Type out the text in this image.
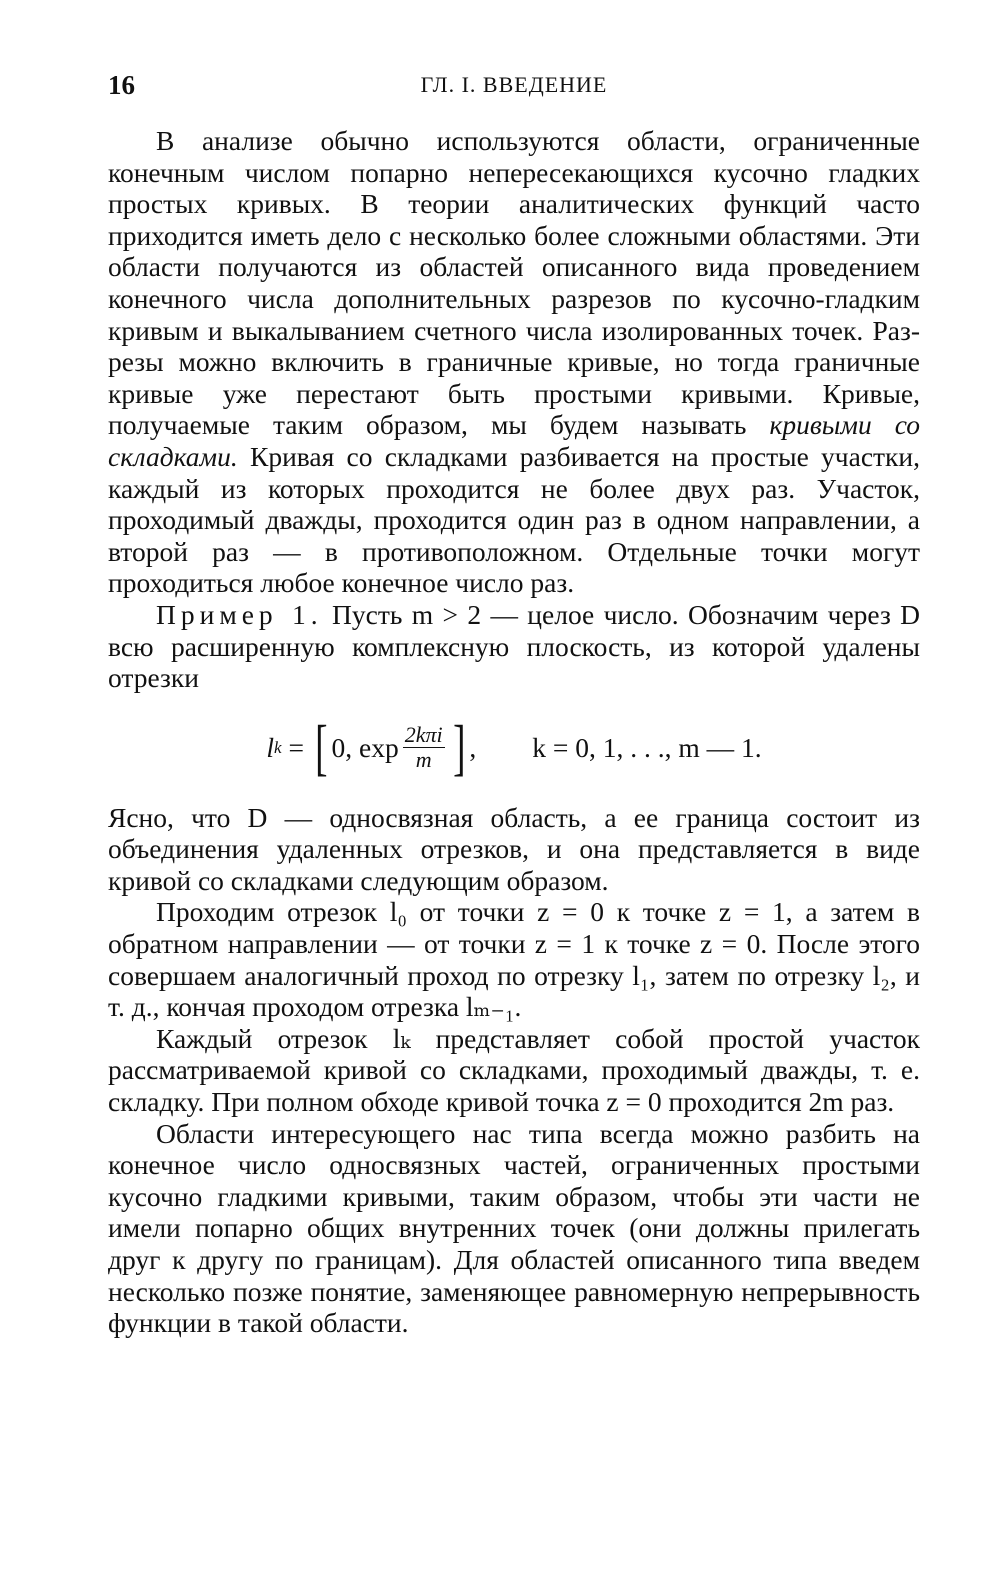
16	ГЛ. I. ВВЕДЕНИЕ

В анализе обычно используются области, ограниченные конечным числом попарно непересекающихся кусочно гладких простых кривых. В теории аналитических функций часто приходится иметь дело с несколько более сложными областями. Эти области получаются из областей описанного вида проведением конечного числа дополнительных разрезов по кусочно-гладким кривым и выкалыванием счетного числа изолированных точек. Разрезы можно включить в граничные кривые, но тогда граничные кривые уже перестают быть простыми кривыми. Кривые, получаемые таким образом, мы будем называть кривыми со складками. Кривая со складками разбивается на простые участки, каждый из которых проходится не более двух раз. Участок, проходимый дважды, проходится один раз в одном направлении, а второй раз — в противоположном. Отдельные точки могут проходиться любое конечное число раз.

Пример 1. Пусть m > 2 — целое число. Обозначим через D всю расширенную комплексную плоскость, из которой удалены отрезки

l k
=
[ 0, $\exp \frac{\text{2kπi}}{m}$ ] , k = 0, 1, . . ., m — 1.

Ясно, что D — односвязная область, а ее граница состоит из объединения удаленных отрезков, и она представляется в виде кривой со складками следующим образом.

Проходим отрезок l₀ от точки z = 0 к точке z = 1, а затем в обратном направлении — от точки z = 1 к точке z = 0. После этого совершаем аналогичный проход по отрезку l₁, затем по отрезку l₂, и т. д., кончая проходом отрезка lₘ₋₁.

Каждый отрезок lₖ представляет собой простой участок рассматриваемой кривой со складками, проходимый дважды, т. е. складку. При полном обходе кривой точка z = 0 проходится 2m раз.

Области интересующего нас типа всегда можно разбить на конечное число односвязных частей, ограниченных простыми кусочно гладкими кривыми, таким образом, чтобы эти части не имели попарно общих внутренних точек (они должны прилегать друг к другу по границам). Для областей описанного типа введем несколько позже понятие, заменяющее равномерную непрерывность функции в такой области.
